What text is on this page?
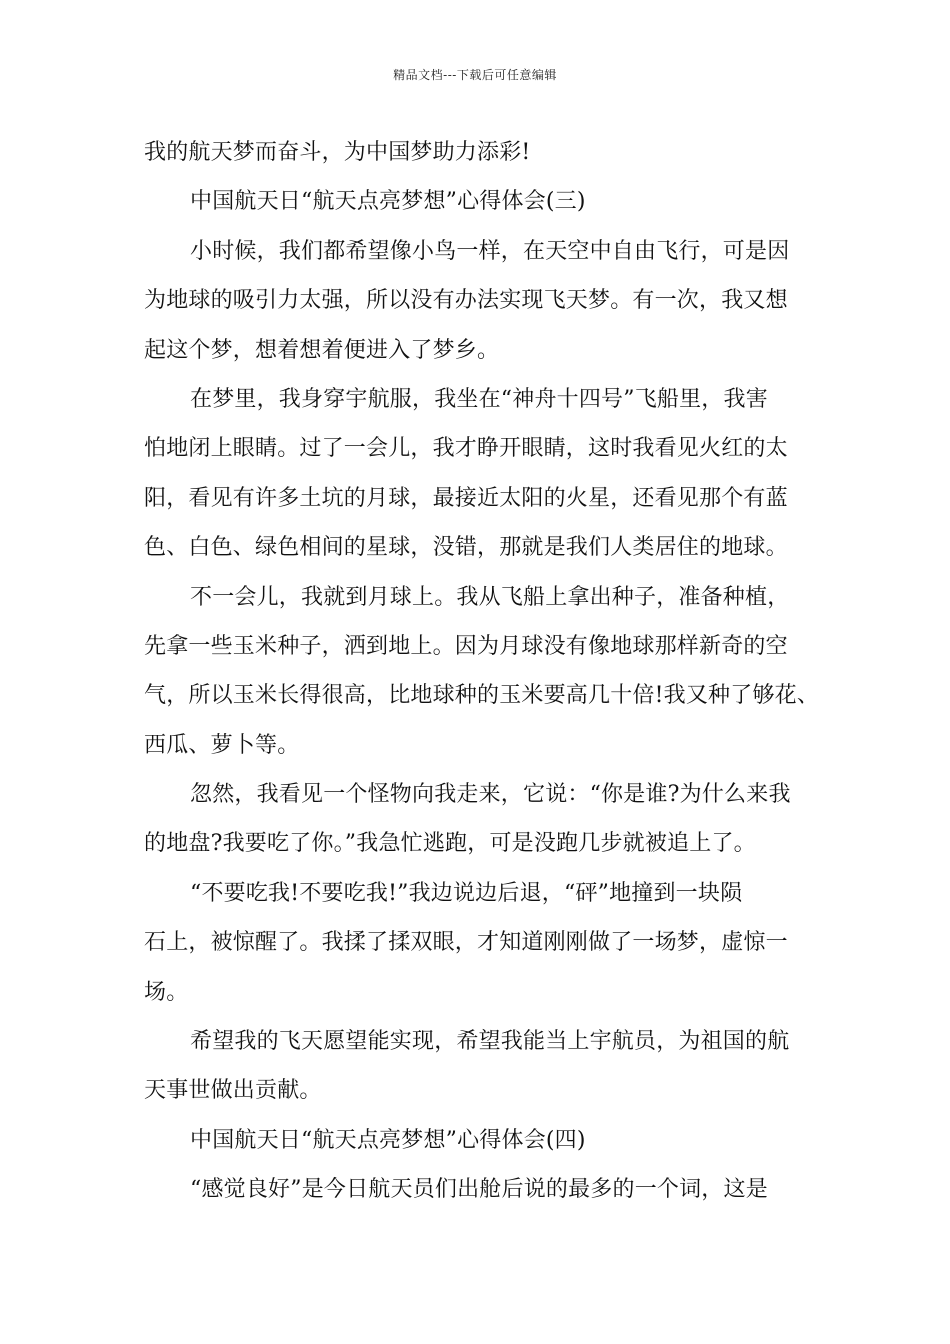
精品文档---下载后可任意编辑
我的航天梦而奋斗，为中国梦助力添彩!
中国航天日“航天点亮梦想”心得体会(三)
小时候，我们都希望像小鸟一样，在天空中自由飞行，可是因
为地球的吸引力太强，所以没有办法实现飞天梦。有一次，我又想
起这个梦，想着想着便进入了梦乡。
在梦里，我身穿宇航服，我坐在“神舟十四号”飞船里，我害
怕地闭上眼睛。过了一会儿，我才睁开眼睛，这时我看见火红的太
阳，看见有许多土坑的月球，最接近太阳的火星，还看见那个有蓝
色、白色、绿色相间的星球，没错，那就是我们人类居住的地球。
不一会儿，我就到月球上。我从飞船上拿出种子，准备种植，
先拿一些玉米种子，洒到地上。因为月球没有像地球那样新奇的空
气，所以玉米长得很高，比地球种的玉米要高几十倍!我又种了够花、
西瓜、萝卜等。
忽然，我看见一个怪物向我走来，它说：“你是谁?为什么来我
的地盘?我要吃了你。”我急忙逃跑，可是没跑几步就被追上了。
“不要吃我!不要吃我!”我边说边后退，“砰”地撞到一块陨
石上，被惊醒了。我揉了揉双眼，才知道刚刚做了一场梦，虚惊一
场。
希望我的飞天愿望能实现，希望我能当上宇航员，为祖国的航
天事世做出贡献。
中国航天日“航天点亮梦想”心得体会(四)
“感觉良好”是今日航天员们出舱后说的最多的一个词，这是
